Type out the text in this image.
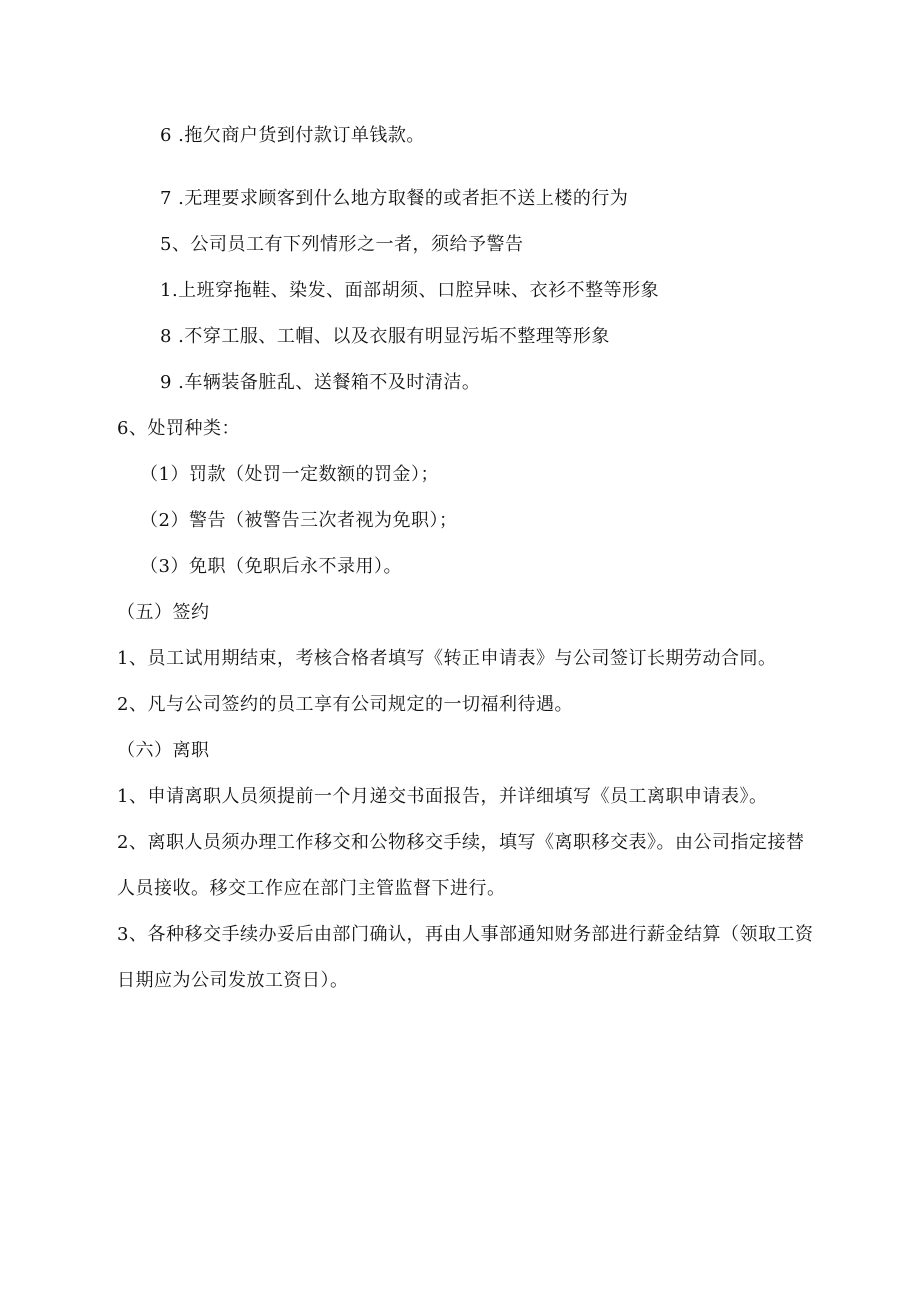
6 .拖欠商户货到付款订单钱款。
7 .无理要求顾客到什么地方取餐的或者拒不送上楼的行为
5、公司员工有下列情形之一者，须给予警告
1.上班穿拖鞋、染发、面部胡须、口腔异味、衣衫不整等形象
8 .不穿工服、工帽、以及衣服有明显污垢不整理等形象
9 .车辆装备脏乱、送餐箱不及时清洁。
6、处罚种类：
（1）罚款（处罚一定数额的罚金）；
（2）警告（被警告三次者视为免职）；
（3）免职（免职后永不录用）。
（五）签约
1、员工试用期结束，考核合格者填写《转正申请表》与公司签订长期劳动合同。
2、凡与公司签约的员工享有公司规定的一切福利待遇。
（六）离职
1、申请离职人员须提前一个月递交书面报告，并详细填写《员工离职申请表》。
2、离职人员须办理工作移交和公物移交手续，填写《离职移交表》。由公司指定接替
人员接收。移交工作应在部门主管监督下进行。
3、各种移交手续办妥后由部门确认，再由人事部通知财务部进行薪金结算（领取工资
日期应为公司发放工资日）。
